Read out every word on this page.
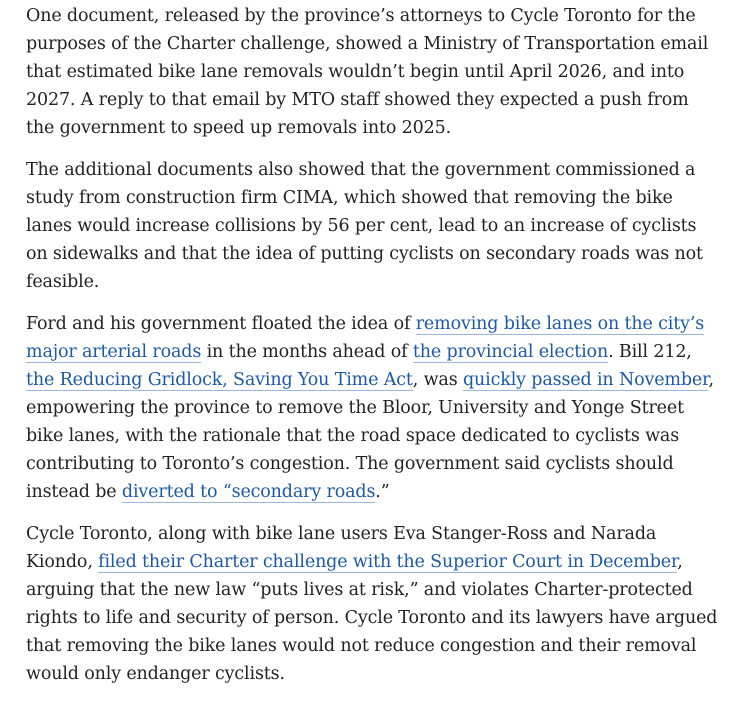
One document, released by the province’s attorneys to Cycle Toronto for the purposes of the Charter challenge, showed a Ministry of Transportation email that estimated bike lane removals wouldn’t begin until April 2026, and into 2027. A reply to that email by MTO staff showed they expected a push from the government to speed up removals into 2025.

The additional documents also showed that the government commissioned a study from construction firm CIMA, which showed that removing the bike lanes would increase collisions by 56 per cent, lead to an increase of cyclists on sidewalks and that the idea of putting cyclists on secondary roads was not feasible.

Ford and his government floated the idea of removing bike lanes on the city’s major arterial roads in the months ahead of the provincial election. Bill 212, the Reducing Gridlock, Saving You Time Act, was quickly passed in November, empowering the province to remove the Bloor, University and Yonge Street bike lanes, with the rationale that the road space dedicated to cyclists was contributing to Toronto’s congestion. The government said cyclists should instead be diverted to “secondary roads.”

Cycle Toronto, along with bike lane users Eva Stanger-Ross and Narada Kiondo, filed their Charter challenge with the Superior Court in December, arguing that the new law “puts lives at risk,” and violates Charter-protected rights to life and security of person. Cycle Toronto and its lawyers have argued that removing the bike lanes would not reduce congestion and their removal would only endanger cyclists.
